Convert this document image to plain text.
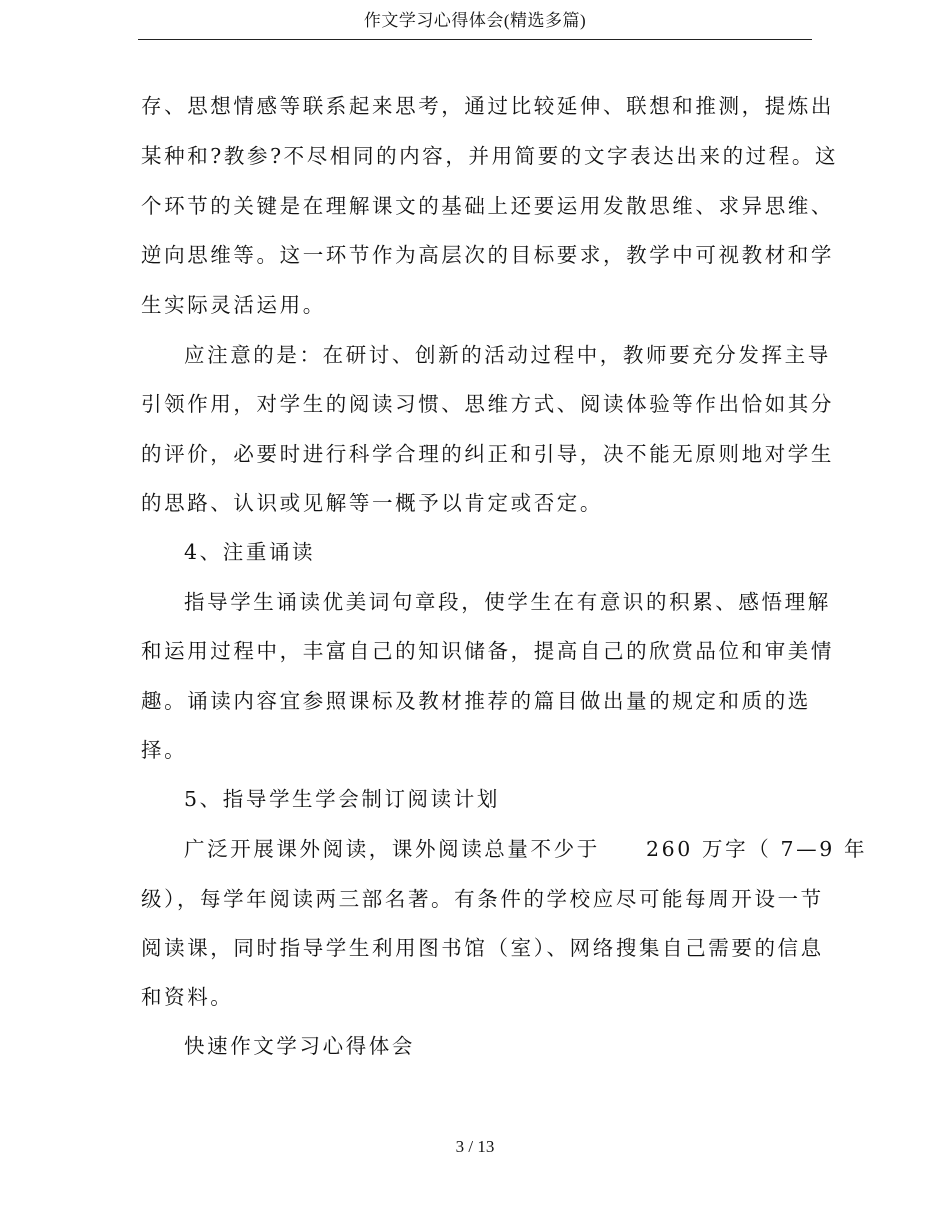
作文学习心得体会(精选多篇)
存、思想情感等联系起来思考，通过比较延伸、联想和推测，提炼出
某种和?教参?不尽相同的内容，并用简要的文字表达出来的过程。这
个环节的关键是在理解课文的基础上还要运用发散思维、求异思维、
逆向思维等。这一环节作为高层次的目标要求，教学中可视教材和学
生实际灵活运用。
应注意的是：在研讨、创新的活动过程中，教师要充分发挥主导
引领作用，对学生的阅读习惯、思维方式、阅读体验等作出恰如其分
的评价，必要时进行科学合理的纠正和引导，决不能无原则地对学生
的思路、认识或见解等一概予以肯定或否定。
4、注重诵读
指导学生诵读优美词句章段，使学生在有意识的积累、感悟理解
和运用过程中，丰富自己的知识储备，提高自己的欣赏品位和审美情
趣。诵读内容宜参照课标及教材推荐的篇目做出量的规定和质的选
择。
5、指导学生学会制订阅读计划
广泛开展课外阅读，课外阅读总量不少于　　260 万字（ 7—9 年
级），每学年阅读两三部名著。有条件的学校应尽可能每周开设一节
阅读课，同时指导学生利用图书馆（室）、网络搜集自己需要的信息
和资料。
快速作文学习心得体会
3 / 13
